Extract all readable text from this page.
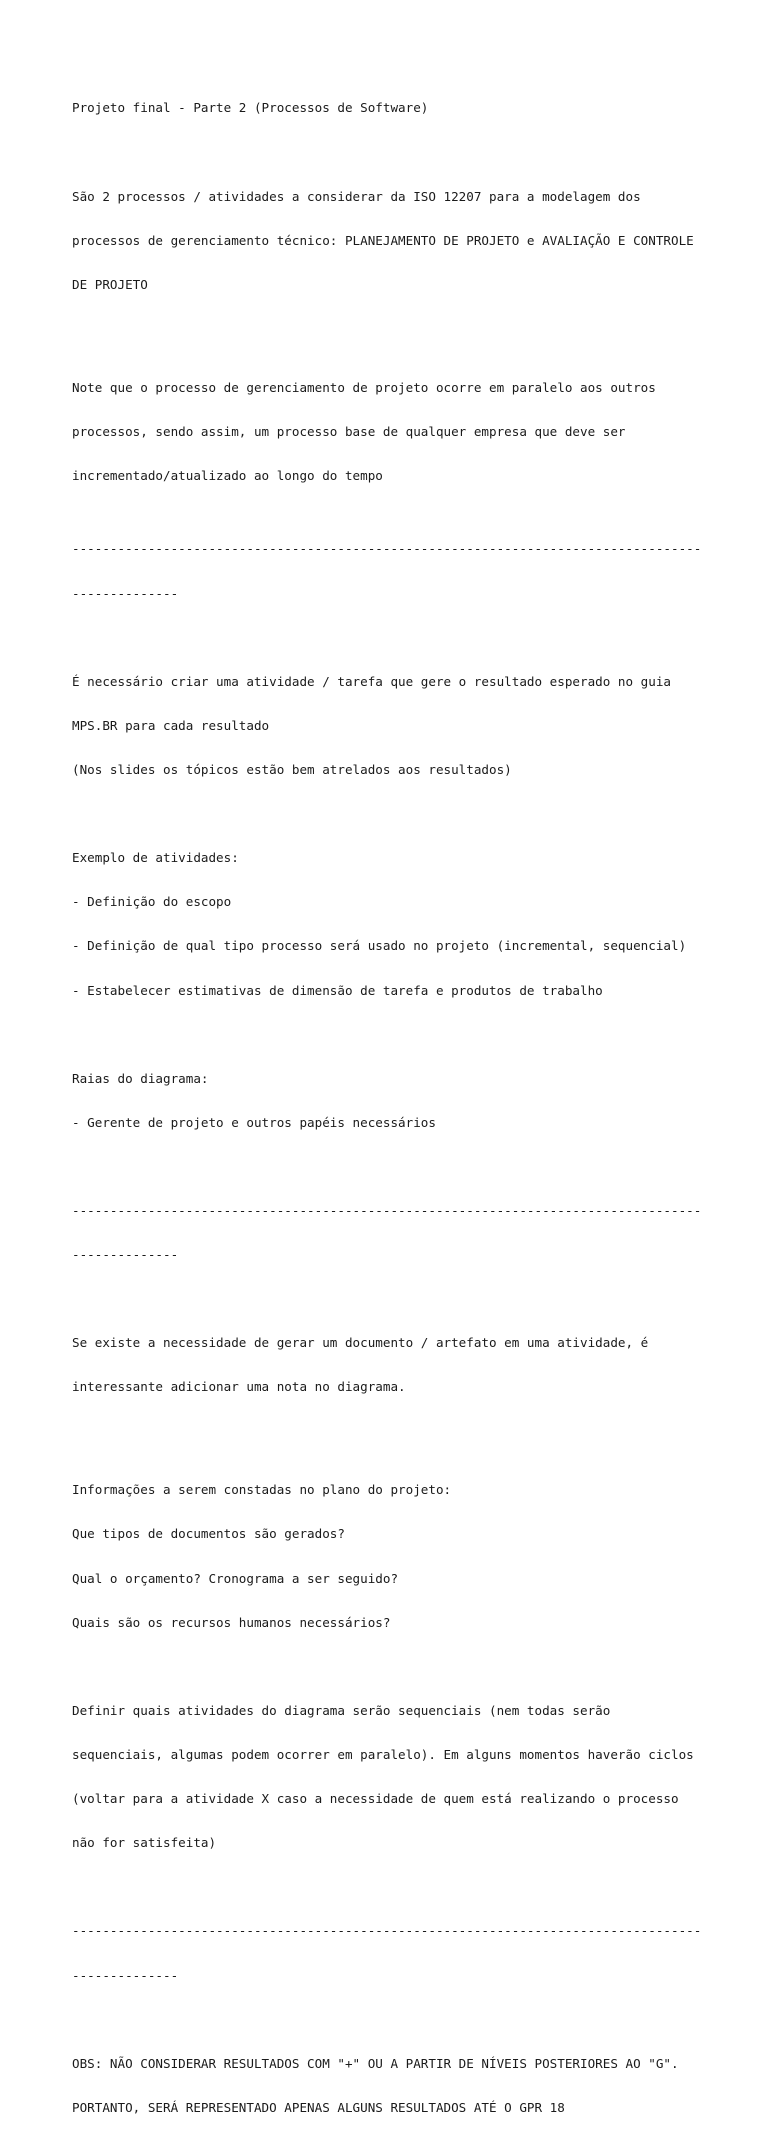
Projeto final - Parte 2 (Processos de Software)

São 2 processos / atividades a considerar da ISO 12207 para a modelagem dos

processos de gerenciamento técnico: PLANEJAMENTO DE PROJETO e AVALIAÇÃO E CONTROLE

DE PROJETO

Note que o processo de gerenciamento de projeto ocorre em paralelo aos outros

processos, sendo assim, um processo base de qualquer empresa que deve ser

incrementado/atualizado ao longo do tempo

-----------------------------------------------------------------------------------

--------------

É necessário criar uma atividade / tarefa que gere o resultado esperado no guia

MPS.BR para cada resultado

(Nos slides os tópicos estão bem atrelados aos resultados)

Exemplo de atividades:

- Definição do escopo

- Definição de qual tipo processo será usado no projeto (incremental, sequencial)

- Estabelecer estimativas de dimensão de tarefa e produtos de trabalho

Raias do diagrama:

- Gerente de projeto e outros papéis necessários

-----------------------------------------------------------------------------------

--------------

Se existe a necessidade de gerar um documento / artefato em uma atividade, é

interessante adicionar uma nota no diagrama.

Informações a serem constadas no plano do projeto:

Que tipos de documentos são gerados?

Qual o orçamento? Cronograma a ser seguido?

Quais são os recursos humanos necessários?

Definir quais atividades do diagrama serão sequenciais (nem todas serão

sequenciais, algumas podem ocorrer em paralelo). Em alguns momentos haverão ciclos

(voltar para a atividade X caso a necessidade de quem está realizando o processo

não for satisfeita)

-----------------------------------------------------------------------------------

--------------

OBS: NÃO CONSIDERAR RESULTADOS COM "+" OU A PARTIR DE NÍVEIS POSTERIORES AO "G".

PORTANTO, SERÁ REPRESENTADO APENAS ALGUNS RESULTADOS ATÉ O GPR 18
